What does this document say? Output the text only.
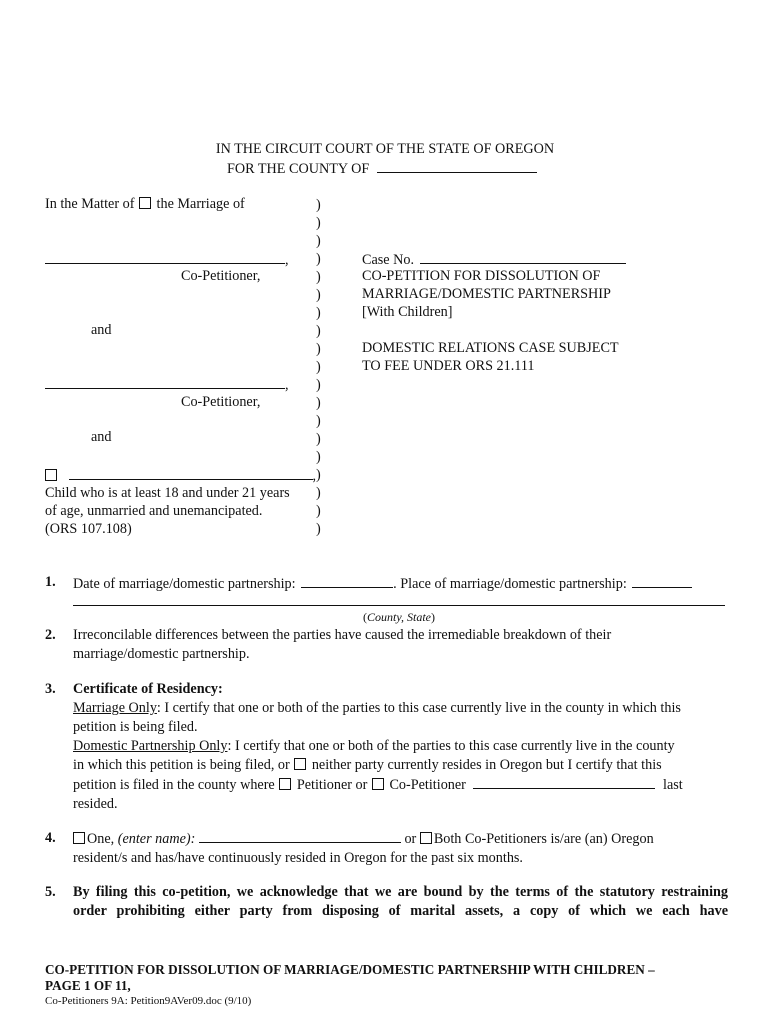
IN THE CIRCUIT COURT OF THE STATE OF OREGON
FOR THE COUNTY OF
In the Matter of the Marriage of
,
Co-Petitioner,
and
,
Co-Petitioner,
and
,
Child who is at least 18 and under 21 years
of age, unmarried and unemancipated.
(ORS 107.108)
)
)
)
)
)
)
)
)
)
)
)
)
)
)
)
)
)
)
)
Case No.
CO-PETITION FOR DISSOLUTION OF
MARRIAGE/DOMESTIC PARTNERSHIP
[With Children]
DOMESTIC RELATIONS CASE SUBJECT
TO FEE UNDER ORS 21.111
1. Date of marriage/domestic partnership:	. Place of marriage/domestic partnership:
(County, State)
2. Irreconcilable differences between the parties have caused the irremediable breakdown of their
marriage/domestic partnership.
3. Certificate of Residency:
Marriage Only: I certify that one or both of the parties to this case currently live in the county in which this
petition is being filed.
Domestic Partnership Only: I certify that one or both of the parties to this case currently live in the county
in which this petition is being filed, or neither party currently resides in Oregon but I certify that this
petition is filed in the county where Petitioner or Co-Petitioner	last
resided.
4.	One, (enter name):	or Both Co-Petitioners is/are (an) Oregon
resident/s and has/have continuously resided in Oregon for the past six months.
5. By filing this co-petition, we acknowledge that we are bound by the terms of the statutory restraining
order prohibiting either party from disposing of marital assets, a copy of which we each have
CO-PETITION FOR DISSOLUTION OF MARRIAGE/DOMESTIC PARTNERSHIP WITH CHILDREN –
PAGE 1 OF 11,
Co-Petitioners 9A: Petition9AVer09.doc (9/10)
